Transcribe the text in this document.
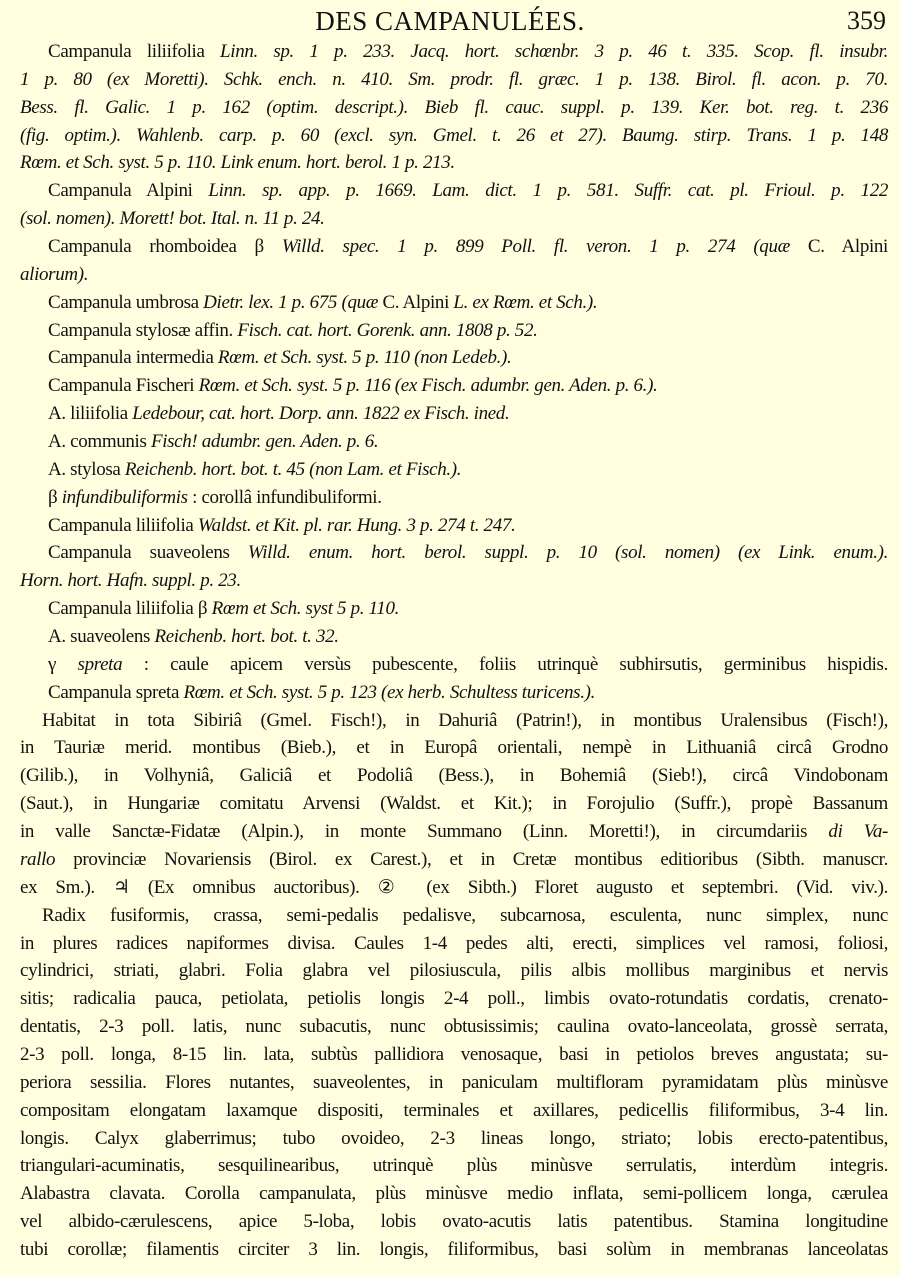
DES CAMPANULÉES.	359
Campanula liliifolia Linn. sp. 1 p. 233. Jacq. hort. schœnbr. 3 p. 46 t. 335. Scop. fl. insubr.
1 p. 80 (ex Moretti). Schk. ench. n. 410. Sm. prodr. fl. græc. 1 p. 138. Birol. fl. acon. p. 70.
Bess. fl. Galic. 1 p. 162 (optim. descript.). Bieb fl. cauc. suppl. p. 139. Ker. bot. reg. t. 236
(fig. optim.). Wahlenb. carp. p. 60 (excl. syn. Gmel. t. 26 et 27). Baumg. stirp. Trans. 1 p. 148
Rœm. et Sch. syst. 5 p. 110. Link enum. hort. berol. 1 p. 213.
Campanula Alpini Linn. sp. app. p. 1669. Lam. dict. 1 p. 581. Suffr. cat. pl. Frioul. p. 122
(sol. nomen). Morett! bot. Ital. n. 11 p. 24.
Campanula rhomboidea β Willd. spec. 1 p. 899 Poll. fl. veron. 1 p. 274 (quæ C. Alpini
aliorum).
Campanula umbrosa Dietr. lex. 1 p. 675 (quæ C. Alpini L. ex Rœm. et Sch.).
Campanula stylosæ affin. Fisch. cat. hort. Gorenk. ann. 1808 p. 52.
Campanula intermedia Rœm. et Sch. syst. 5 p. 110 (non Ledeb.).
Campanula Fischeri Rœm. et Sch. syst. 5 p. 116 (ex Fisch. adumbr. gen. Aden. p. 6.).
A. liliifolia Ledebour, cat. hort. Dorp. ann. 1822 ex Fisch. ined.
A. communis Fisch! adumbr. gen. Aden. p. 6.
A. stylosa Reichenb. hort. bot. t. 45 (non Lam. et Fisch.).
β infundibuliformis : corollâ infundibuliformi.
Campanula liliifolia Waldst. et Kit. pl. rar. Hung. 3 p. 274 t. 247.
Campanula suaveolens Willd. enum. hort. berol. suppl. p. 10 (sol. nomen) (ex Link. enum.).
Horn. hort. Hafn. suppl. p. 23.
Campanula liliifolia β Rœm et Sch. syst 5 p. 110.
A. suaveolens Reichenb. hort. bot. t. 32.
γ spreta : caule apicem versùs pubescente, foliis utrinquè subhirsutis, germinibus hispidis.
Campanula spreta Rœm. et Sch. syst. 5 p. 123 (ex herb. Schultess turicens.).
Habitat in tota Sibiriâ (Gmel. Fisch!), in Dahuriâ (Patrin!), in montibus Uralensibus (Fisch!),
in Tauriæ merid. montibus (Bieb.), et in Europâ orientali, nempè in Lithuaniâ circâ Grodno
(Gilib.), in Volhyniâ, Galiciâ et Podoliâ (Bess.), in Bohemiâ (Sieb!), circâ Vindobonam
(Saut.), in Hungariæ comitatu Arvensi (Waldst. et Kit.); in Forojulio (Suffr.), propè Bassanum
in valle Sanctæ-Fidatæ (Alpin.), in monte Summano (Linn. Moretti!), in circumdariis di Va-
rallo provinciæ Novariensis (Birol. ex Carest.), et in Cretæ montibus editioribus (Sibth. manuscr.
ex Sm.). ♃ (Ex omnibus auctoribus). ② (ex Sibth.) Floret augusto et septembri. (Vid. viv.).
Radix fusiformis, crassa, semi-pedalis pedalisve, subcarnosa, esculenta, nunc simplex, nunc
in plures radices napiformes divisa. Caules 1-4 pedes alti, erecti, simplices vel ramosi, foliosi,
cylindrici, striati, glabri. Folia glabra vel pilosiuscula, pilis albis mollibus marginibus et nervis
sitis; radicalia pauca, petiolata, petiolis longis 2-4 poll., limbis ovato-rotundatis cordatis, crenato-
dentatis, 2-3 poll. latis, nunc subacutis, nunc obtusissimis; caulina ovato-lanceolata, grossè serrata,
2-3 poll. longa, 8-15 lin. lata, subtùs pallidiora venosaque, basi in petiolos breves angustata; su-
periora sessilia. Flores nutantes, suaveolentes, in paniculam multifloram pyramidatam plùs minùsve
compositam elongatam laxamque dispositi, terminales et axillares, pedicellis filiformibus, 3-4 lin.
longis. Calyx glaberrimus; tubo ovoideo, 2-3 lineas longo, striato; lobis erecto-patentibus,
triangulari-acuminatis, sesquilinearibus, utrinquè plùs minùsve serrulatis, interdùm integris.
Alabastra clavata. Corolla campanulata, plùs minùsve medio inflata, semi-pollicem longa, cærulea
vel albido-cærulescens, apice 5-loba, lobis ovato-acutis latis patentibus. Stamina longitudine
tubi corollæ; filamentis circiter 3 lin. longis, filiformibus, basi solùm in membranas lanceolatas
